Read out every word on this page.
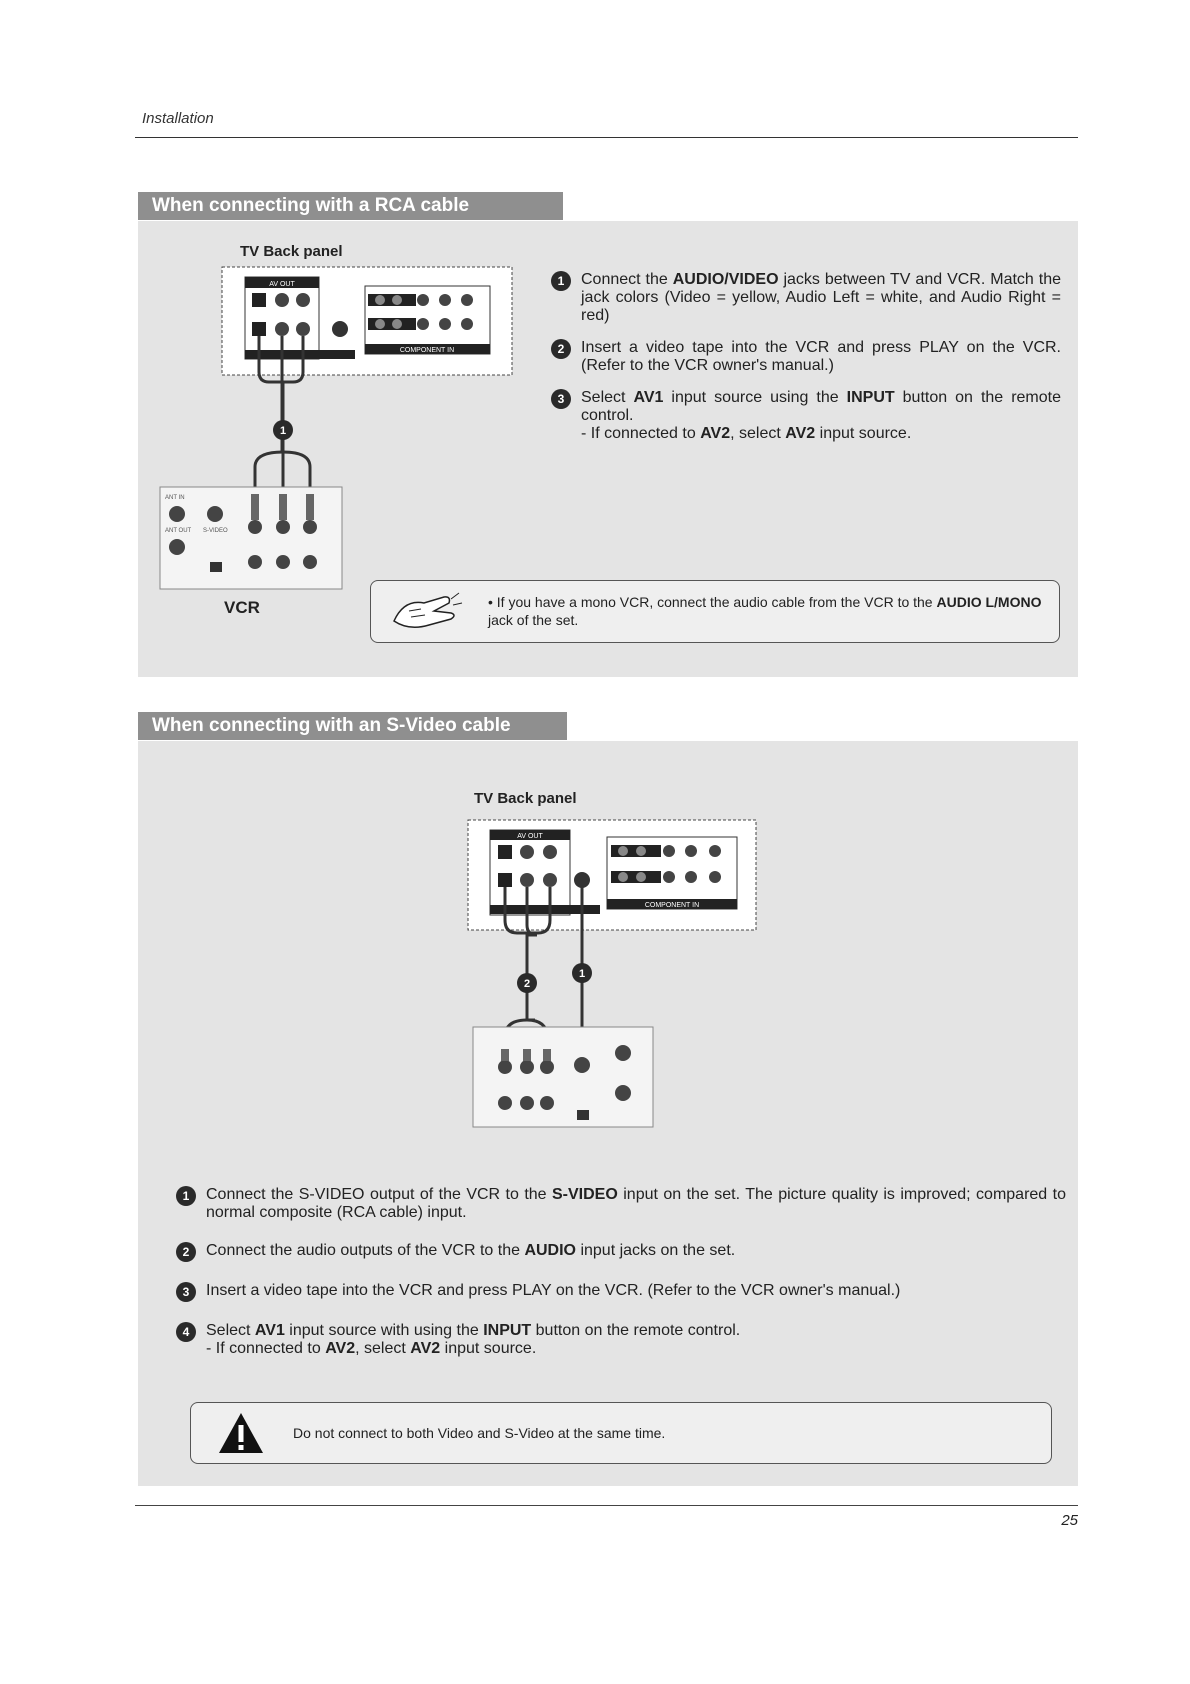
Installation
When connecting with a RCA cable
TV Back panel
AV OUT
COMPONENT IN
1
ANT IN
ANT OUT S-VIDEO
VCR
1	Connect the AUDIO/VIDEO jacks between TV and VCR. Match the jack colors (Video = yellow, Audio Left = white, and Audio Right = red)
2	Insert a video tape into the VCR and press PLAY on the VCR. (Refer to the VCR owner's manual.)
3	Select AV1 input source using the INPUT button on the remote control.
- If connected to AV2, select AV2 input source.
• If you have a mono VCR, connect the audio cable from the VCR to the AUDIO L/MONO jack of the set.
When connecting with an S-Video cable
TV Back panel
AV OUT
COMPONENT IN
2
1
1	Connect the S-VIDEO output of the VCR to the S-VIDEO input on the set. The picture quality is improved; compared to normal composite (RCA cable) input.
2	Connect the audio outputs of the VCR to the AUDIO input jacks on the set.
3	Insert a video tape into the VCR and press PLAY on the VCR. (Refer to the VCR owner's manual.)
4	Select AV1 input source with using the INPUT button on the remote control.
- If connected to AV2, select AV2 input source.
Do not connect to both Video and S-Video at the same time.
25
